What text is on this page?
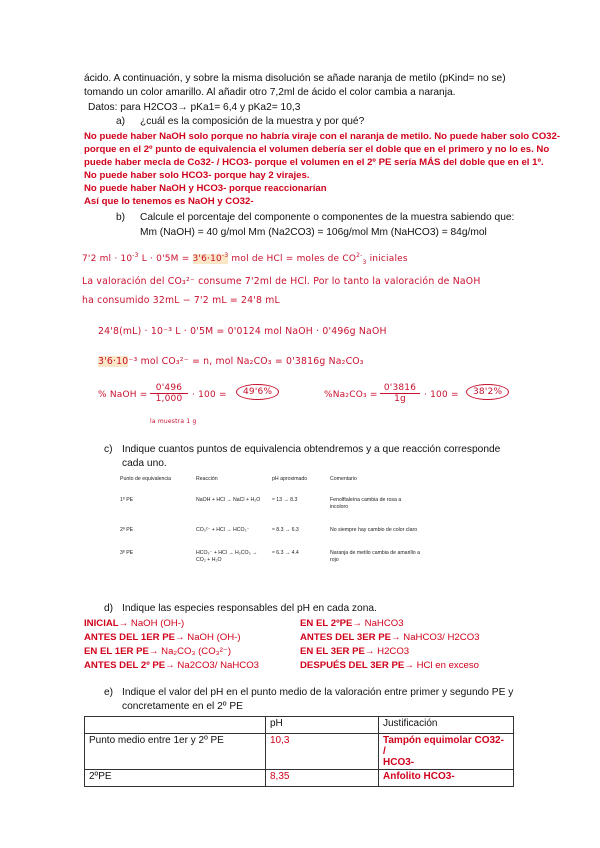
ácido. A continuación, y sobre la misma disolución se añade naranja de metilo (pKind= no se)
tomando un color amarillo. Al añadir otro 7,2ml de ácido el color cambia a naranja.
Datos: para H2CO3→ pKa1= 6,4 y pKa2= 10,3
a) ¿cuál es la composición de la muestra y por qué?
No puede haber NaOH solo porque no habría viraje con el naranja de metilo. No puede haber solo CO32-
porque en el 2º punto de equivalencia el volumen debería ser el doble que en el primero y no lo es. No
puede haber mecla de Co32- / HCO3- porque el volumen en el 2º PE sería MÁS del doble que en el 1º.
No puede haber solo HCO3- porque hay 2 virajes.
No puede haber NaOH y HCO3- porque reaccionarían
Así que lo tenemos es NaOH y CO32-
b) Calcule el porcentaje del componente o componentes de la muestra sabiendo que:
Mm (NaOH) = 40 g/mol Mm (Na2CO3) = 106g/mol Mm (NaHCO3) = 84g/mol
7'2 ml · $10^{-3}$ $L \cdot 0'5M = 3'6\cdot 10^{-3}$ mol de HCl = moles de $CO^{2-}_3$ iniciales
La valoración del CO₃²⁻ consume 7'2ml de HCl. Por lo tanto la valoración de NaOH
ha consumido 32mL − 7'2 mL = 24'8 mL
24'8(mL) · 10⁻³ L · 0'5M = 0'0124 mol NaOH · 0'496g NaOH
3'6·10⁻³ mol CO₃²⁻ = n, mol Na₂CO₃ = 0'3816g Na₂CO₃
% NaOH =
0'496
1,000	· 100 =	49'6%
la muestra 1 g
%Na₂CO₃ =
0'3816
1g	· 100 =	38'2%
c) Indique cuantos puntos de equivalencia obtendremos y a que reacción corresponde
cada uno.
Punto de equivalencia	Reacción	pH aproximado	Comentario

1º PE	NaOH + HCl → NaCl + H₂O	≈ 13 → 8.3	Fenolftaleína cambia de rosa a incoloro

2º PE	CO₃²⁻ + HCl → HCO₃⁻	≈ 8.3 → 6.3	No siempre hay cambio de color claro

3º PE	HCO₃⁻ + HCl → H₂CO₃ → CO₂ + H₂O	≈ 6.3 → 4.4	Naranja de metilo cambia de amarillo a rojo
d) Indique las especies responsables del pH en cada zona.
INICIAL→ NaOH (OH-)
ANTES DEL 1ER PE→ NaOH (OH-)
EN EL 1ER PE→ Na₂CO₃ (CO₃²⁻)
ANTES DEL 2º PE→ Na2CO3/ NaHCO3
EN EL 2ºPE→ NaHCO3
ANTES DEL 3ER PE→ NaHCO3/ H2CO3
EN EL 3ER PE→ H2CO3
DESPUÉS DEL 3ER PE→ HCl en exceso
e) Indique el valor del pH en el punto medio de la valoración entre primer y segundo PE y
concretamente en el 2º PE
	pH	Justificación
Punto medio entre 1er y 2º PE	10,3	Tampón equimolar CO32- /
HCO3-

2ºPE	8,35	Anfolito HCO3-
